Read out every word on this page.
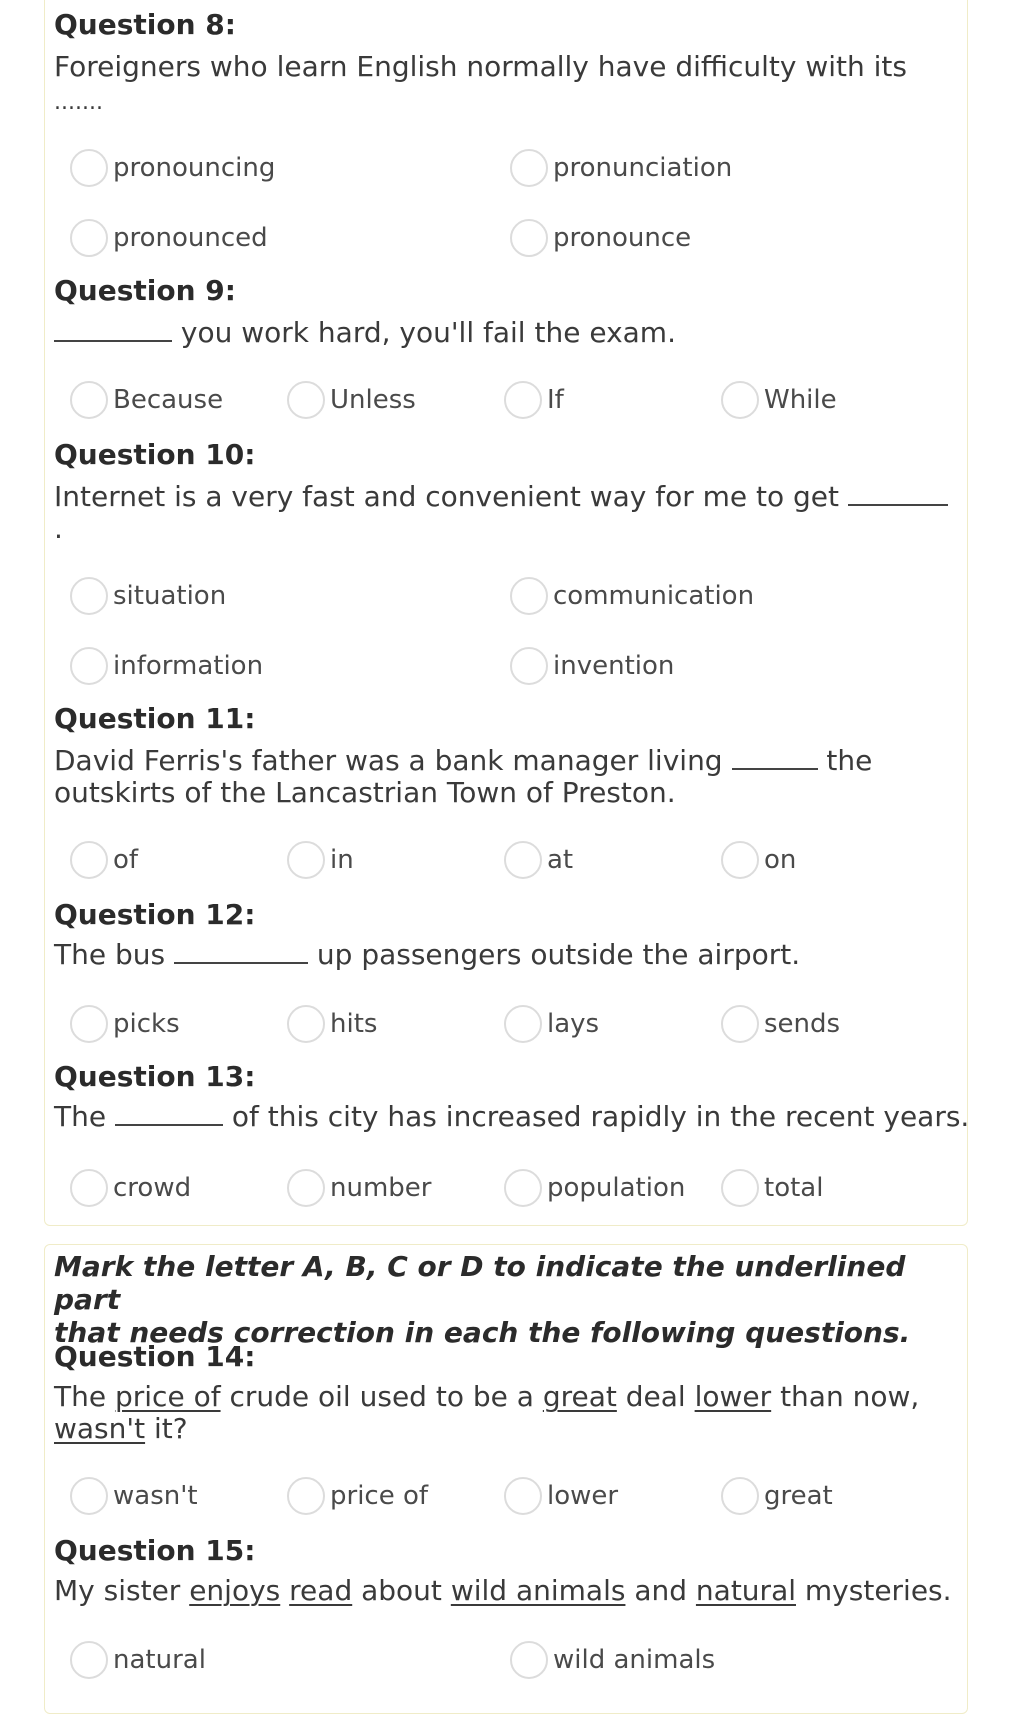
Question 8:
Foreigners who learn English normally have difficulty with its
.......
pronouncing	pronunciation
pronounced	pronounce
Question 9:
you work hard, you'll fail the exam.
Because	Unless	If	While
Question 10:
Internet is a very fast and convenient way for me to get
.
situation	communication
information	invention
Question 11:
David Ferris's father was a bank manager living	the
outskirts of the Lancastrian Town of Preston.
of	in	at	on
Question 12:
The bus	up passengers outside the airport.
picks	hits	lays	sends
Question 13:
The	of this city has increased rapidly in the recent years.
crowd	number	population	total
Mark the letter A, B, C or D to indicate the underlined part
that needs correction in each the following questions.
Question 14:
The price of crude oil used to be a great deal lower than now,
wasn't it?
wasn't	price of	lower	great
Question 15:
My sister enjoys read about wild animals and natural mysteries.
natural	wild animals
